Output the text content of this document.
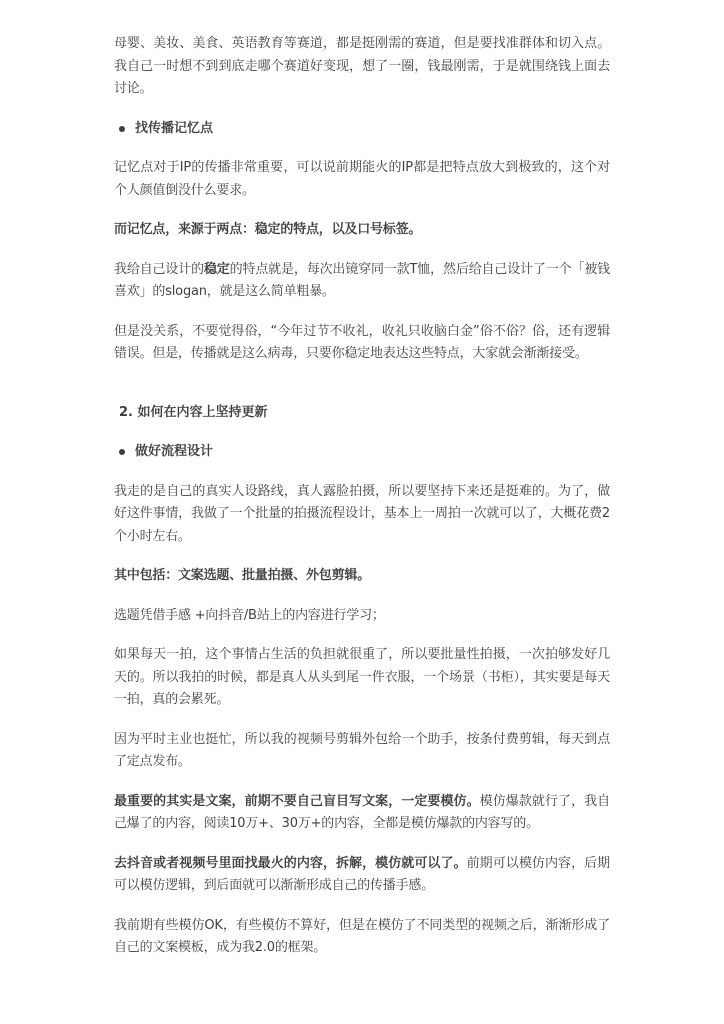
母婴、美妆、美食、英语教育等赛道，都是挺刚需的赛道，但是要找准群体和切入点。我自己一时想不到到底走哪个赛道好变现，想了一圈，钱最刚需，于是就围绕钱上面去讨论。

找传播记忆点

记忆点对于IP的传播非常重要，可以说前期能火的IP都是把特点放大到极致的，这个对个人颜值倒没什么要求。

而记忆点，来源于两点：稳定的特点，以及口号标签。

我给自己设计的稳定的特点就是，每次出镜穿同一款T恤，然后给自己设计了一个「被钱喜欢」的slogan，就是这么简单粗暴。

但是没关系，不要觉得俗，“今年过节不收礼，收礼只收脑白金”俗不俗？俗，还有逻辑错误。但是，传播就是这么病毒，只要你稳定地表达这些特点，大家就会渐渐接受。

2. 如何在内容上坚持更新
做好流程设计

我走的是自己的真实人设路线，真人露脸拍摄，所以要坚持下来还是挺难的。为了，做好这件事情，我做了一个批量的拍摄流程设计，基本上一周拍一次就可以了，大概花费2个小时左右。

其中包括：文案选题、批量拍摄、外包剪辑。

选题凭借手感 +向抖音/B站上的内容进行学习；

如果每天一拍，这个事情占生活的负担就很重了，所以要批量性拍摄，一次拍够发好几天的。所以我拍的时候，都是真人从头到尾一件衣服，一个场景（书柜），其实要是每天一拍，真的会累死。

因为平时主业也挺忙，所以我的视频号剪辑外包给一个助手，按条付费剪辑，每天到点了定点发布。

最重要的其实是文案，前期不要自己盲目写文案，一定要模仿。模仿爆款就行了，我自己爆了的内容，阅读10万+、30万+的内容，全都是模仿爆款的内容写的。

去抖音或者视频号里面找最火的内容，拆解，模仿就可以了。前期可以模仿内容，后期可以模仿逻辑，到后面就可以渐渐形成自己的传播手感。

我前期有些模仿OK，有些模仿不算好，但是在模仿了不同类型的视频之后，渐渐形成了自己的文案模板，成为我2.0的框架。
